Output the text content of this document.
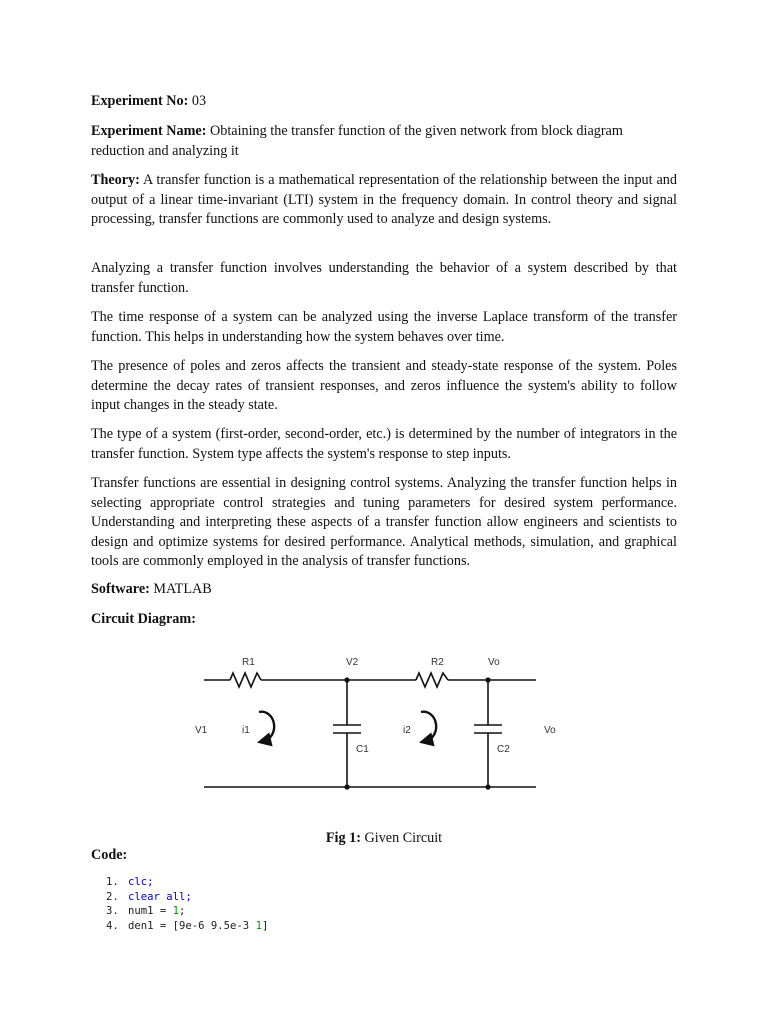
Experiment No: 03

Experiment Name: Obtaining the transfer function of the given network from block diagram
reduction and analyzing it

Theory: A transfer function is a mathematical representation of the relationship between the input and output of a linear time-invariant (LTI) system in the frequency domain. In control theory and signal processing, transfer functions are commonly used to analyze and design systems.

Analyzing a transfer function involves understanding the behavior of a system described by that transfer function.

The time response of a system can be analyzed using the inverse Laplace transform of the transfer function. This helps in understanding how the system behaves over time.

The presence of poles and zeros affects the transient and steady-state response of the system. Poles determine the decay rates of transient responses, and zeros influence the system's ability to follow input changes in the steady state.

The type of a system (first-order, second-order, etc.) is determined by the number of integrators in the transfer function. System type affects the system's response to step inputs.

Transfer functions are essential in designing control systems. Analyzing the transfer function helps in selecting appropriate control strategies and tuning parameters for desired system performance. Understanding and interpreting these aspects of a transfer function allow engineers and scientists to design and optimize systems for desired performance. Analytical methods, simulation, and graphical tools are commonly employed in the analysis of transfer functions.

Software: MATLAB

Circuit Diagram:

R1	V2	R2	Vo
V1	i1	i2	Vo
C1	C2

Fig 1: Given Circuit

Code:

1. clc;
2. clear all;
3. num1 = 1;
4. den1 = [9e-6 9.5e-3 1]
